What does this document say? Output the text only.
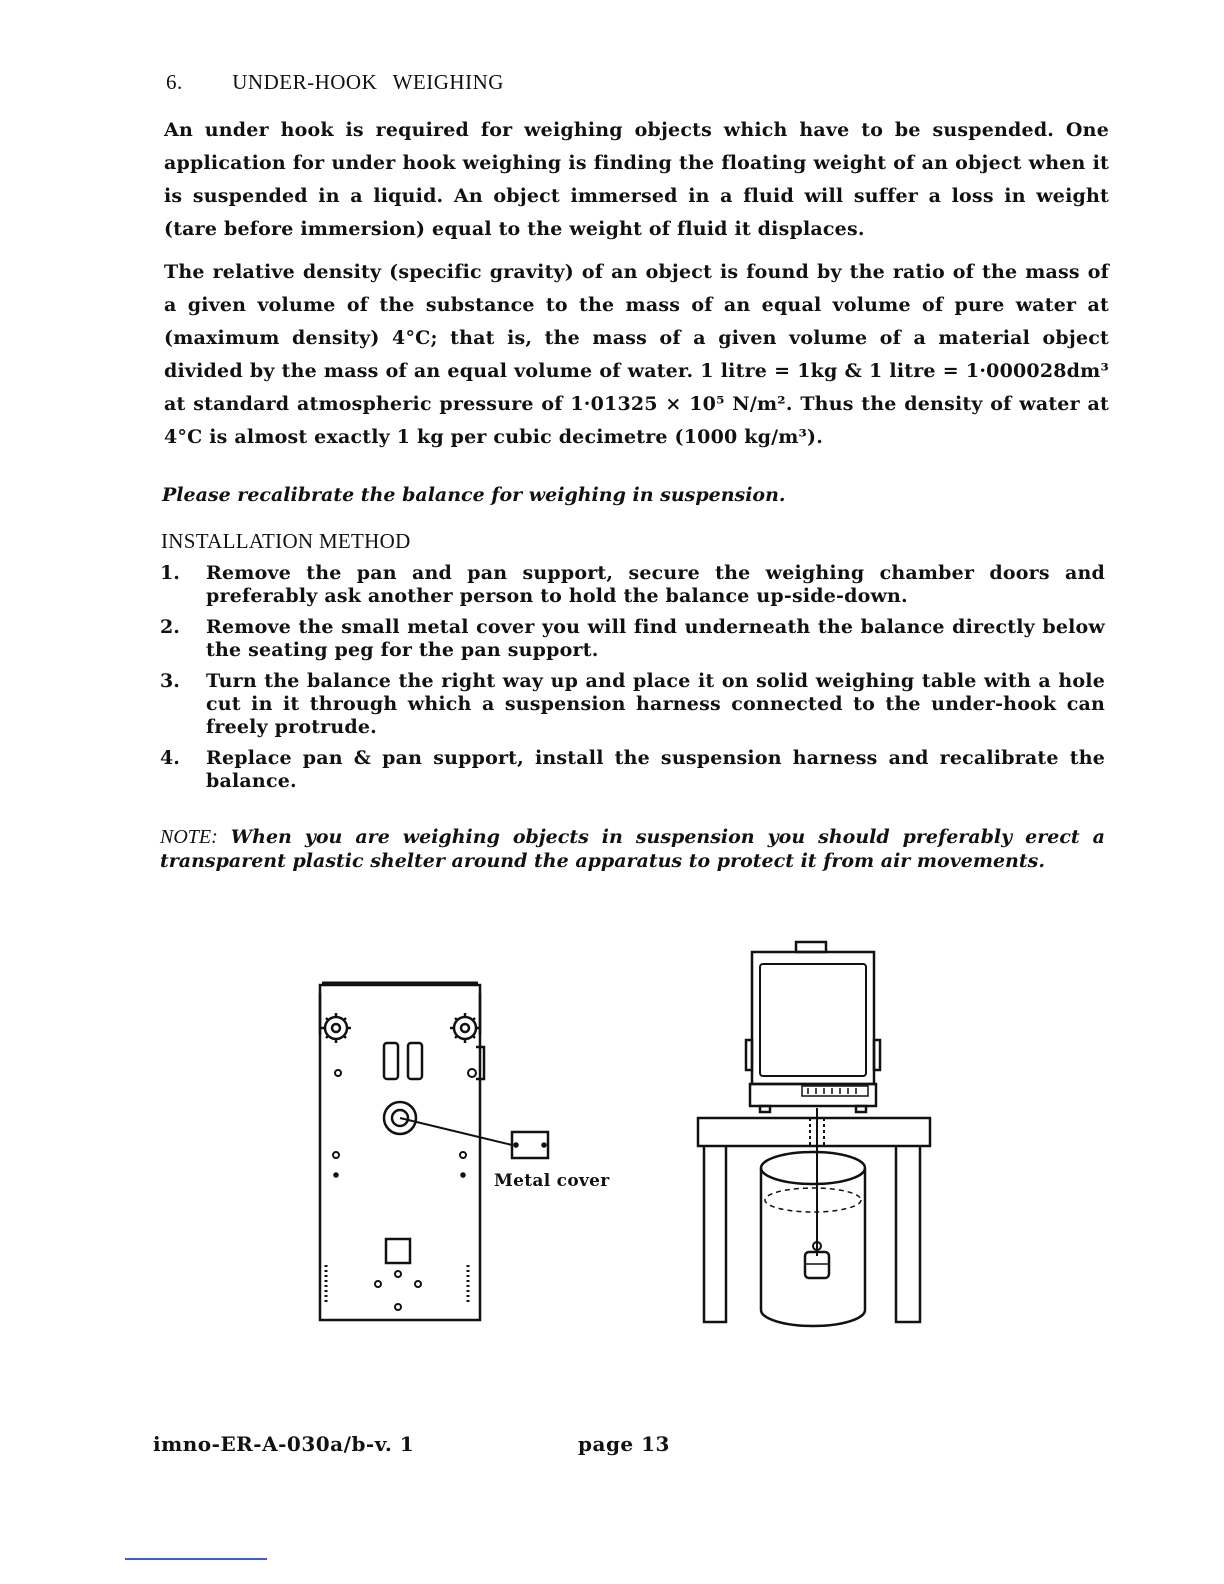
6. UNDER-HOOK WEIGHING

An under hook is required for weighing objects which have to be suspended. One application for under hook weighing is finding the floating weight of an object when it is suspended in a liquid. An object immersed in a fluid will suffer a loss in weight (tare before immersion) equal to the weight of fluid it displaces.

The relative density (specific gravity) of an object is found by the ratio of the mass of a given volume of the substance to the mass of an equal volume of pure water at (maximum density) 4°C; that is, the mass of a given volume of a material object divided by the mass of an equal volume of water. 1 litre = 1kg & 1 litre = 1·000028dm³ at standard atmospheric pressure of 1·01325 × 10⁵ N/m². Thus the density of water at 4°C is almost exactly 1 kg per cubic decimetre (1000 kg/m³).

Please recalibrate the balance for weighing in suspension.

INSTALLATION METHOD
1.	Remove the pan and pan support, secure the weighing chamber doors and preferably ask another person to hold the balance up-side-down.
2.	Remove the small metal cover you will find underneath the balance directly below the seating peg for the pan support.
3.	Turn the balance the right way up and place it on solid weighing table with a hole cut in it through which a suspension harness connected to the under-hook can freely protrude.
4.	Replace pan & pan support, install the suspension harness and recalibrate the balance.

NOTE: When you are weighing objects in suspension you should preferably erect a transparent plastic shelter around the apparatus to protect it from air movements.

Metal cover
imno-ER-A-030a/b-v. 1	page 13
